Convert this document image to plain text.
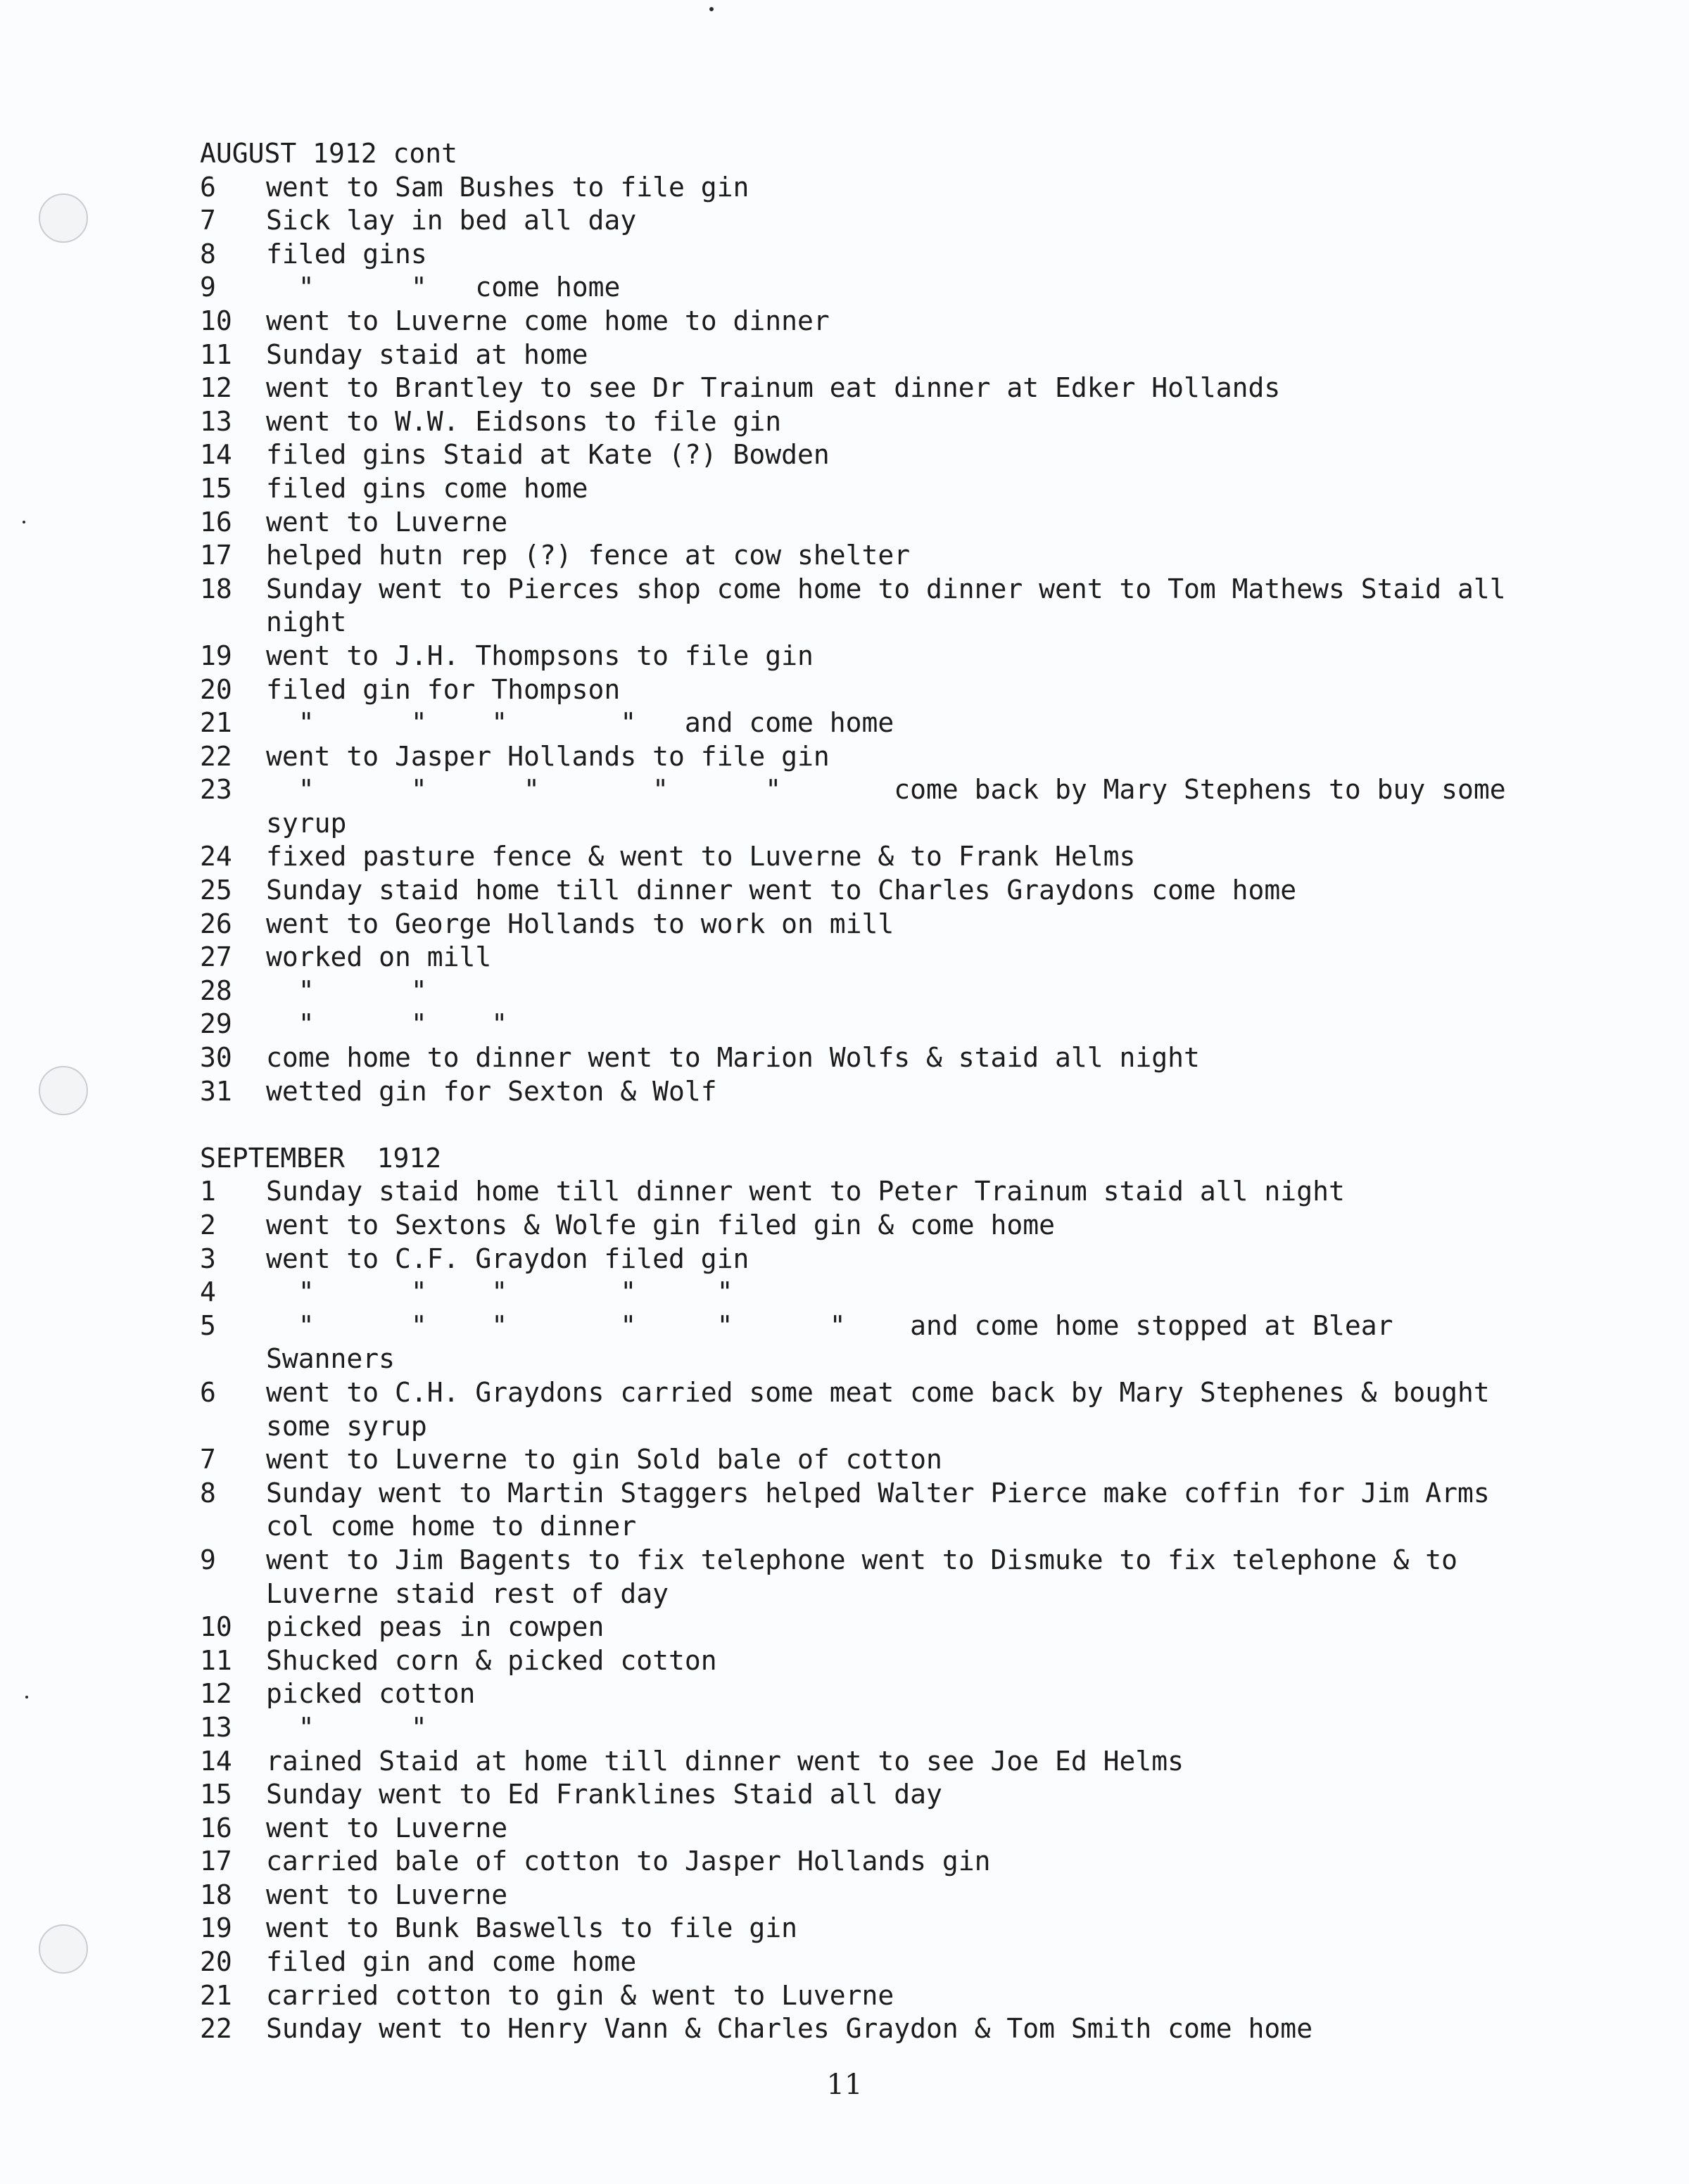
AUGUST 1912 cont
6	went to Sam Bushes to file gin
7	Sick lay in bed all day
8	filed gins
9	"      "   come home
10	went to Luverne come home to dinner
11	Sunday staid at home
12	went to Brantley to see Dr Trainum eat dinner at Edker Hollands
13	went to W.W. Eidsons to file gin
14	filed gins Staid at Kate (?) Bowden
15	filed gins come home
16	went to Luverne
17	helped hutn rep (?) fence at cow shelter
18	Sunday went to Pierces shop come home to dinner went to Tom Mathews Staid all night
19	went to J.H. Thompsons to file gin
20	filed gin for Thompson
21	"      "    "       "   and come home
22	went to Jasper Hollands to file gin
23	"      "      "       "      "       come back by Mary Stephens to buy some syrup
24	fixed pasture fence & went to Luverne & to Frank Helms
25	Sunday staid home till dinner went to Charles Graydons come home
26	went to George Hollands to work on mill
27	worked on mill
28	"      "
29	"      "    "
30	come home to dinner went to Marion Wolfs & staid all night
31	wetted gin for Sexton & Wolf
SEPTEMBER  1912
1	Sunday staid home till dinner went to Peter Trainum staid all night
2	went to Sextons & Wolfe gin filed gin & come home
3	went to C.F. Graydon filed gin
4	"      "    "       "     "
5	"      "    "       "     "      "    and come home stopped at Blear Swanners
6	went to C.H. Graydons carried some meat come back by Mary Stephenes & bought some syrup
7	went to Luverne to gin Sold bale of cotton
8	Sunday went to Martin Staggers helped Walter Pierce make coffin for Jim Arms col come home to dinner
9	went to Jim Bagents to fix telephone went to Dismuke to fix telephone & to Luverne staid rest of day
10	picked peas in cowpen
11	Shucked corn & picked cotton
12	picked cotton
13	"      "
14	rained Staid at home till dinner went to see Joe Ed Helms
15	Sunday went to Ed Franklines Staid all day
16	went to Luverne
17	carried bale of cotton to Jasper Hollands gin
18	went to Luverne
19	went to Bunk Baswells to file gin
20	filed gin and come home
21	carried cotton to gin & went to Luverne
22	Sunday went to Henry Vann & Charles Graydon & Tom Smith come home
11
